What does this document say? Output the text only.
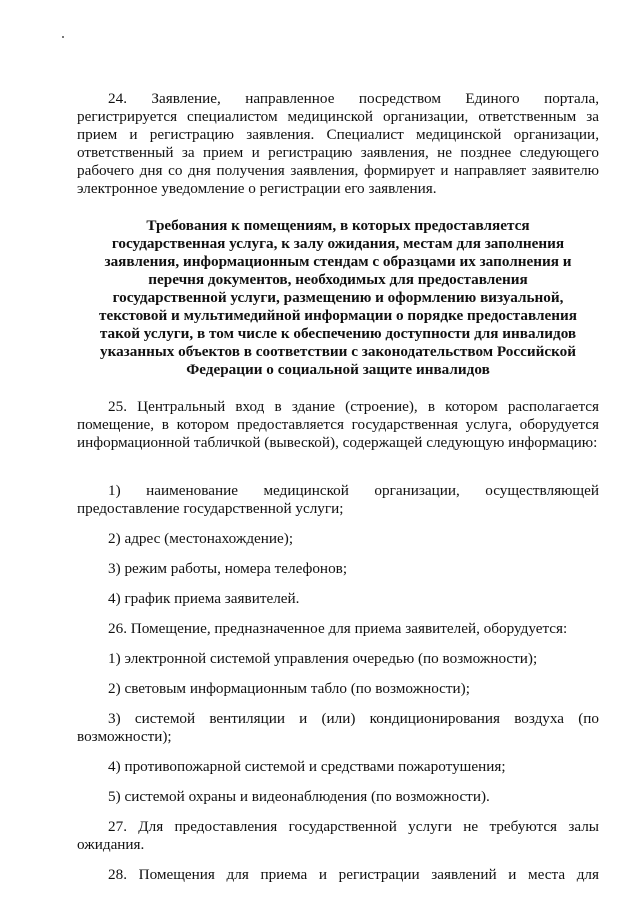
24. Заявление, направленное посредством Единого портала, регистрируется специалистом медицинской организации, ответственным за прием и регистрацию заявления. Специалист медицинской организации, ответственный за прием и регистрацию заявления, не позднее следующего рабочего дня со дня получения заявления, формирует и направляет заявителю электронное уведомление о регистрации его заявления.

Требования к помещениям, в которых предоставляется государственная услуга, к залу ожидания, местам для заполнения заявления, информационным стендам с образцами их заполнения и перечня документов, необходимых для предоставления государственной услуги, размещению и оформлению визуальной, текстовой и мультимедийной информации о порядке предоставления такой услуги, в том числе к обеспечению доступности для инвалидов указанных объектов в соответствии с законодательством Российской Федерации о социальной защите инвалидов

25. Центральный вход в здание (строение), в котором располагается помещение, в котором предоставляется государственная услуга, оборудуется информационной табличкой (вывеской), содержащей следующую информацию:

1) наименование медицинской организации, осуществляющей предоставление государственной услуги;

2) адрес (местонахождение);

3) режим работы, номера телефонов;

4) график приема заявителей.

26. Помещение, предназначенное для приема заявителей, оборудуется:

1) электронной системой управления очередью (по возможности);

2) световым информационным табло (по возможности);

3) системой вентиляции и (или) кондиционирования воздуха (по возможности);

4) противопожарной системой и средствами пожаротушения;

5) системой охраны и видеонаблюдения (по возможности).

27. Для предоставления государственной услуги не требуются залы ожидания.

28. Помещения для приема и регистрации заявлений и места для
